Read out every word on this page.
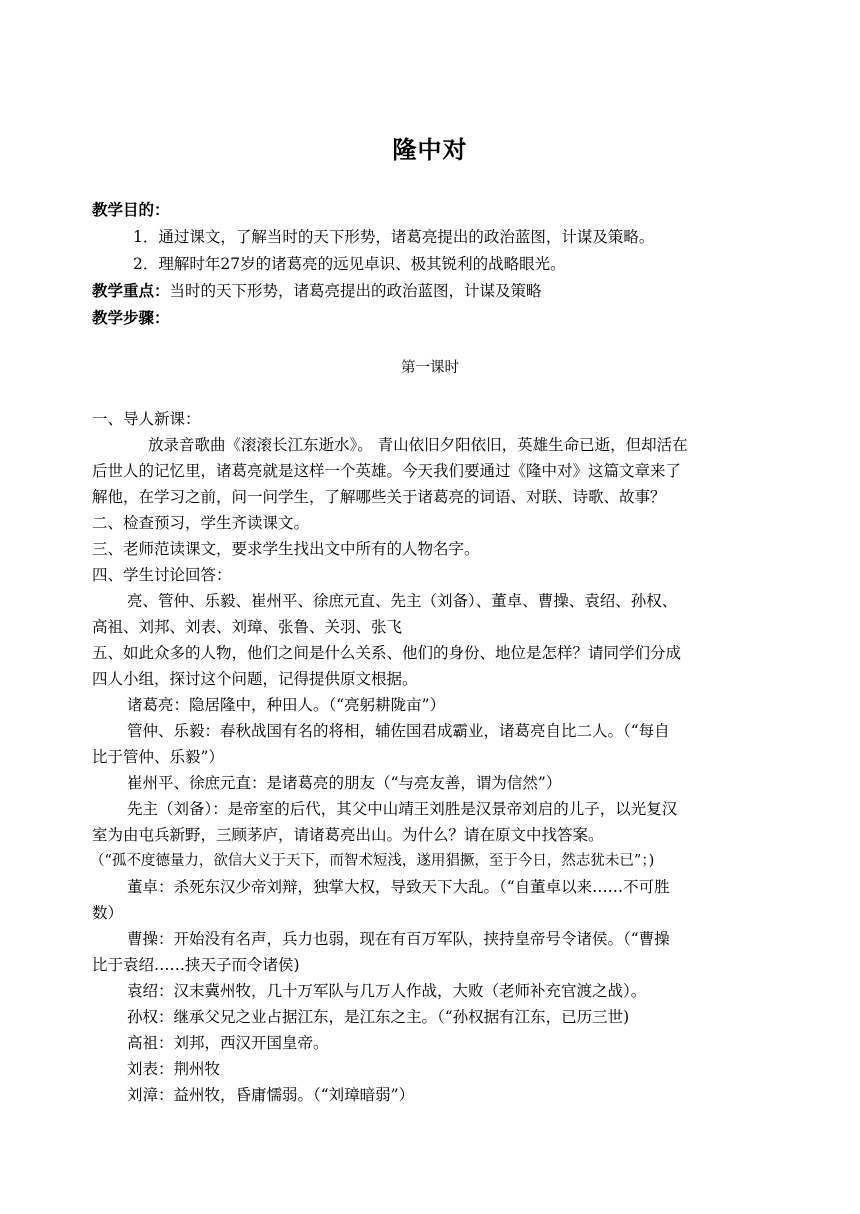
隆中对
教学目的：
1．通过课文，了解当时的天下形势，诸葛亮提出的政治蓝图，计谋及策略。
2．理解时年27岁的诸葛亮的远见卓识、极其锐利的战略眼光。
教学重点：当时的天下形势，诸葛亮提出的政治蓝图，计谋及策略
教学步骤：
第一课时
一、导人新课：
放录音歌曲《滚滚长江东逝水》。 青山依旧夕阳依旧，英雄生命已逝，但却活在
后世人的记忆里，诸葛亮就是这样一个英雄。今天我们要通过《隆中对》这篇文章来了
解他，在学习之前，问一问学生，了解哪些关于诸葛亮的词语、对联、诗歌、故事？
二、检查预习，学生齐读课文。
三、老师范读课文，要求学生找出文中所有的人物名字。
四、学生讨论回答：
亮、管仲、乐毅、崔州平、徐庶元直、先主（刘备）、董卓、曹操、袁绍、孙权、
高祖、刘邦、刘表、刘璋、张鲁、关羽、张飞
五、如此众多的人物，他们之间是什么关系、他们的身份、地位是怎样？请同学们分成
四人小组，探讨这个问题，记得提供原文根据。
诸葛亮：隐居隆中，种田人。（“亮躬耕陇亩”）
管仲、乐毅：春秋战国有名的将相，辅佐国君成霸业，诸葛亮自比二人。（“每自
比于管仲、乐毅”）
崔州平、徐庶元直：是诸葛亮的朋友（“与亮友善，谓为信然”）
先主（刘备）：是帝室的后代，其父中山靖王刘胜是汉景帝刘启的儿子，以光复汉
室为由屯兵新野，三顾茅庐，请诸葛亮出山。为什么？请在原文中找答案。
（“孤不度德量力，欲信大义于天下，而智术短浅，遂用猖撅，至于今日，然志犹未已”；)
董卓：杀死东汉少帝刘辩，独掌大权，导致天下大乱。（“自董卓以来……不可胜
数）
曹操：开始没有名声，兵力也弱，现在有百万军队，挟持皇帝号令诸侯。（“曹操
比于袁绍……挟天子而令诸侯)
袁绍：汉末冀州牧，几十万军队与几万人作战，大败（老师补充官渡之战）。
孙权：继承父兄之业占据江东，是江东之主。（“孙权据有江东，已历三世)
高祖：刘邦，西汉开国皇帝。
刘表：荆州牧
刘漳：益州牧，昏庸懦弱。（“刘璋暗弱”）
